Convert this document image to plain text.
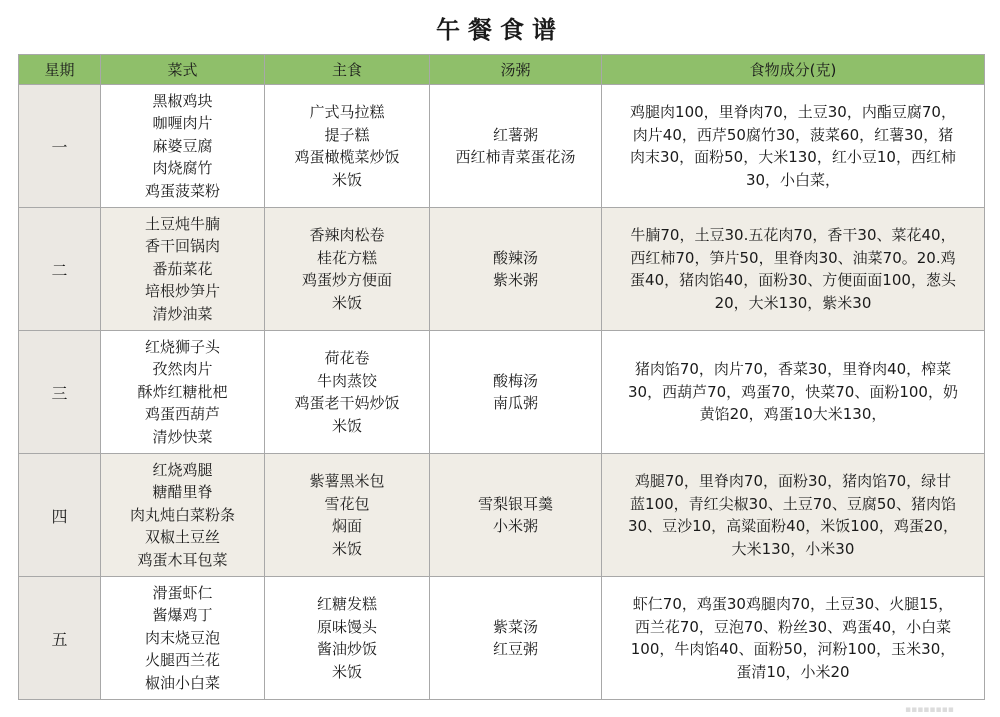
午餐食谱
星期	菜式	主食	汤粥	食物成分(克)
一	黑椒鸡块
咖喱肉片
麻婆豆腐
肉烧腐竹
鸡蛋菠菜粉	广式马拉糕
提子糕
鸡蛋橄榄菜炒饭
米饭	红薯粥
西红柿青菜蛋花汤	鸡腿肉100，里脊肉70，土豆30，内酯豆腐70，
肉片40，西芹50腐竹30，菠菜60，红薯30，猪
肉末30，面粉50，大米130，红小豆10，西红柿
30，小白菜，

二	土豆炖牛腩
香干回锅肉
番茄菜花
培根炒笋片
清炒油菜	香辣肉松卷
桂花方糕
鸡蛋炒方便面
米饭	酸辣汤
紫米粥	牛腩70，土豆30.五花肉70，香干30、菜花40，
西红柿70，笋片50，里脊肉30、油菜70。20.鸡
蛋40，猪肉馅40，面粉30、方便面面100，葱头
20，大米130，紫米30

三	红烧狮子头
孜然肉片
酥炸红糖枇杷
鸡蛋西葫芦
清炒快菜	荷花卷
牛肉蒸饺
鸡蛋老干妈炒饭
米饭	酸梅汤
南瓜粥	猪肉馅70，肉片70，香菜30，里脊肉40，榨菜
30，西葫芦70，鸡蛋70，快菜70、面粉100，奶
黄馅20，鸡蛋10大米130，

四	红烧鸡腿
糖醋里脊
肉丸炖白菜粉条
双椒土豆丝
鸡蛋木耳包菜	紫薯黑米包
雪花包
焖面
米饭	雪梨银耳羹
小米粥	鸡腿70，里脊肉70，面粉30，猪肉馅70，绿甘
蓝100，青红尖椒30、土豆70、豆腐50、猪肉馅
30、豆沙10，高粱面粉40，米饭100，鸡蛋20，
大米130，小米30

五	滑蛋虾仁
酱爆鸡丁
肉末烧豆泡
火腿西兰花
椒油小白菜	红糖发糕
原味馒头
酱油炒饭
米饭	紫菜汤
红豆粥	虾仁70，鸡蛋30鸡腿肉70，土豆30、火腿15，
西兰花70，豆泡70、粉丝30、鸡蛋40，小白菜
100，牛肉馅40、面粉50，河粉100，玉米30，
蛋清10，小米20
▪▪▪▪▪▪▪▪
